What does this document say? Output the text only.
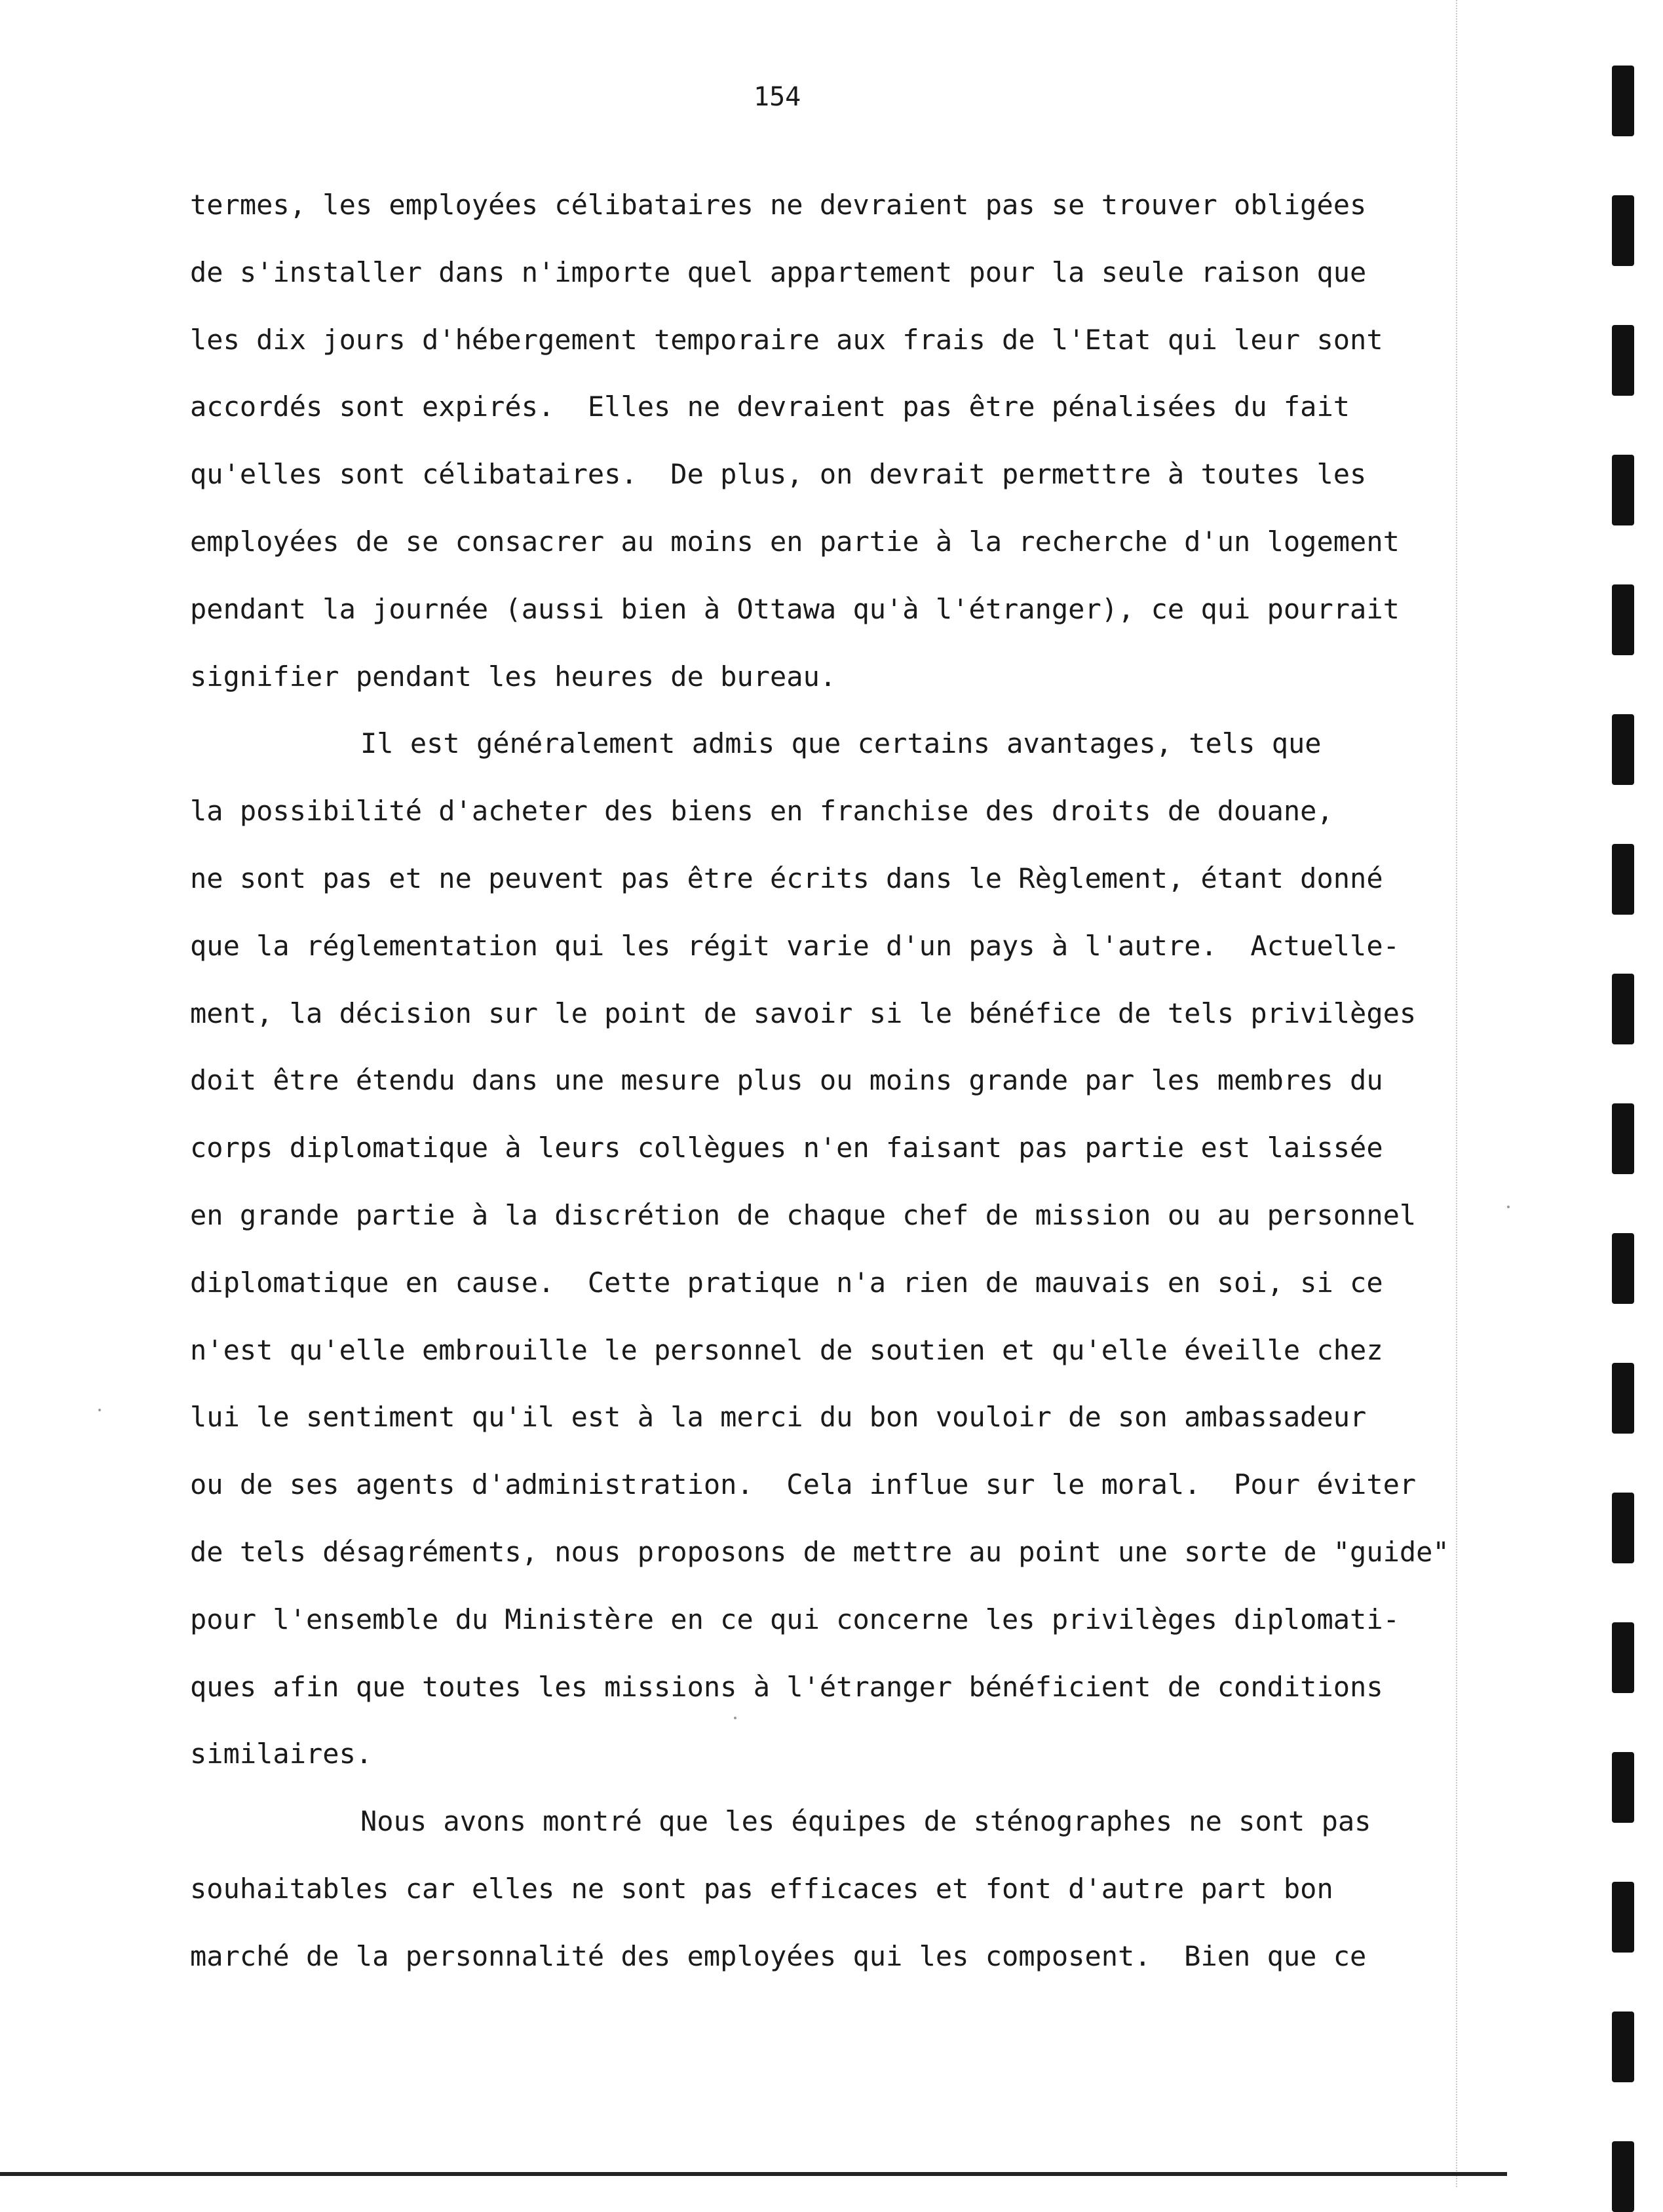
154
termes, les employées célibataires ne devraient pas se trouver obligées
de s'installer dans n'importe quel appartement pour la seule raison que
les dix jours d'hébergement temporaire aux frais de l'Etat qui leur sont
accordés sont expirés.  Elles ne devraient pas être pénalisées du fait
qu'elles sont célibataires.  De plus, on devrait permettre à toutes les
employées de se consacrer au moins en partie à la recherche d'un logement
pendant la journée (aussi bien à Ottawa qu'à l'étranger), ce qui pourrait
signifier pendant les heures de bureau.
Il est généralement admis que certains avantages, tels que
la possibilité d'acheter des biens en franchise des droits de douane,
ne sont pas et ne peuvent pas être écrits dans le Règlement, étant donné
que la réglementation qui les régit varie d'un pays à l'autre.  Actuelle-
ment, la décision sur le point de savoir si le bénéfice de tels privilèges
doit être étendu dans une mesure plus ou moins grande par les membres du
corps diplomatique à leurs collègues n'en faisant pas partie est laissée
en grande partie à la discrétion de chaque chef de mission ou au personnel
diplomatique en cause.  Cette pratique n'a rien de mauvais en soi, si ce
n'est qu'elle embrouille le personnel de soutien et qu'elle éveille chez
lui le sentiment qu'il est à la merci du bon vouloir de son ambassadeur
ou de ses agents d'administration.  Cela influe sur le moral.  Pour éviter
de tels désagréments, nous proposons de mettre au point une sorte de "guide"
pour l'ensemble du Ministère en ce qui concerne les privilèges diplomati-
ques afin que toutes les missions à l'étranger bénéficient de conditions
similaires.
Nous avons montré que les équipes de sténographes ne sont pas
souhaitables car elles ne sont pas efficaces et font d'autre part bon
marché de la personnalité des employées qui les composent.  Bien que ce
